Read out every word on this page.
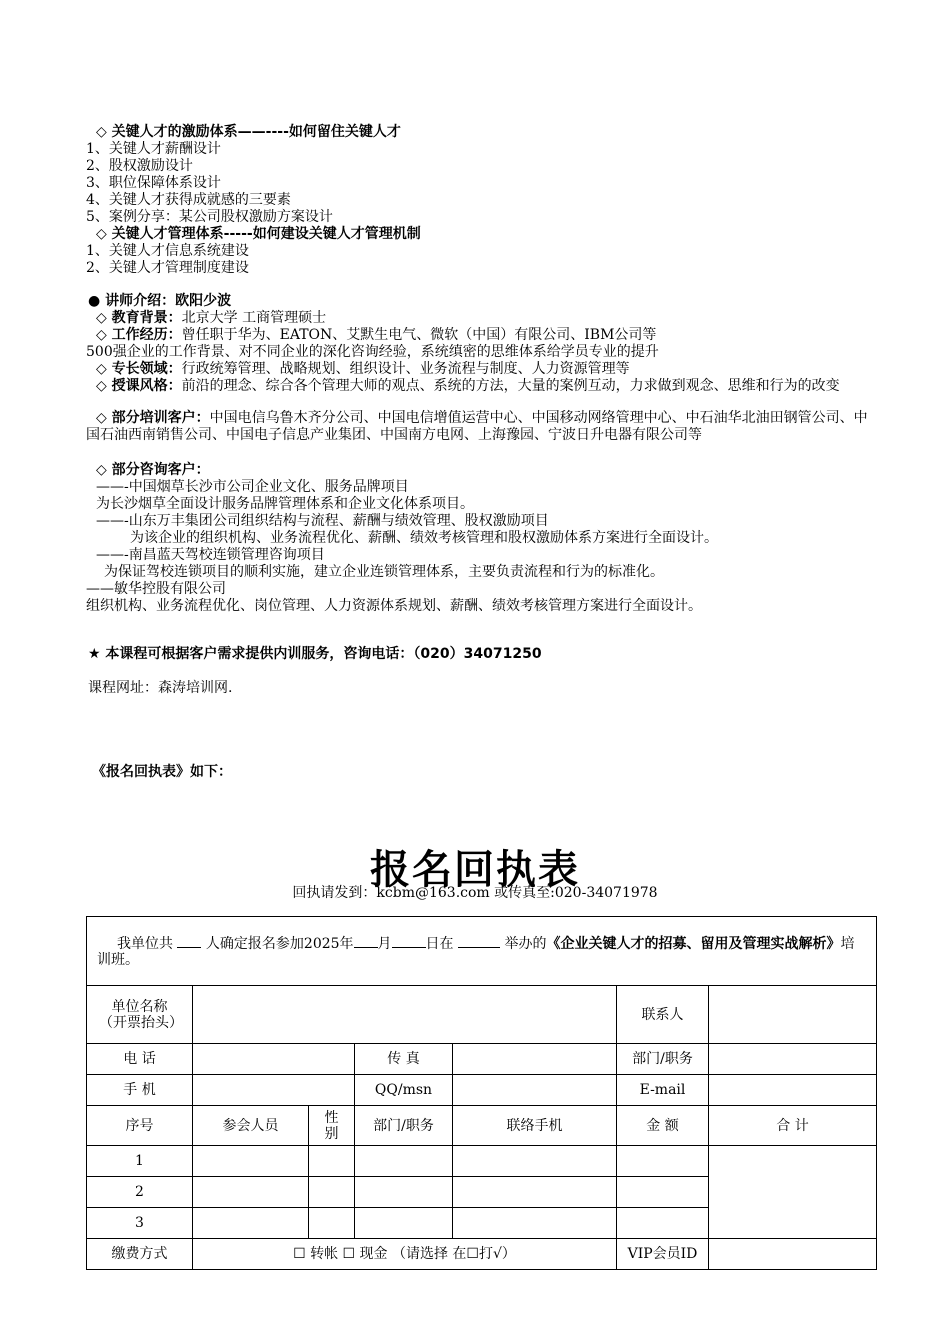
◇ 关键人才的激励体系——----如何留住关键人才
1、关键人才薪酬设计
2、股权激励设计
3、职位保障体系设计
4、关键人才获得成就感的三要素
5、案例分享：某公司股权激励方案设计
◇ 关键人才管理体系-----如何建设关键人才管理机制
1、关键人才信息系统建设
2、关键人才管理制度建设
● 讲师介绍：欧阳少波
◇ 教育背景：北京大学 工商管理硕士
◇ 工作经历：曾任职于华为、EATON、艾默生电气、微软（中国）有限公司、IBM公司等
500强企业的工作背景、对不同企业的深化咨询经验，系统缜密的思维体系给学员专业的提升
◇ 专长领域：行政统筹管理、战略规划、组织设计、业务流程与制度、人力资源管理等
◇ 授课风格：前沿的理念、综合各个管理大师的观点、系统的方法，大量的案例互动，力求做到观念、思维和行为的改变
◇ 部分培训客户：中国电信乌鲁木齐分公司、中国电信增值运营中心、中国移动网络管理中心、中石油华北油田钢管公司、中国石油西南销售公司、中国电子信息产业集团、中国南方电网、上海豫园、宁波日升电器有限公司等
◇ 部分咨询客户：
——-中国烟草长沙市公司企业文化、服务品牌项目
为长沙烟草全面设计服务品牌管理体系和企业文化体系项目。
——-山东万丰集团公司组织结构与流程、薪酬与绩效管理、股权激励项目
为该企业的组织机构、业务流程优化、薪酬、绩效考核管理和股权激励体系方案进行全面设计。
——-南昌蓝天驾校连锁管理咨询项目
为保证驾校连锁项目的顺利实施，建立企业连锁管理体系，主要负责流程和行为的标准化。
——敏华控股有限公司
组织机构、业务流程优化、岗位管理、人力资源体系规划、薪酬、绩效考核管理方案进行全面设计。
★ 本课程可根据客户需求提供内训服务，咨询电话：（020）34071250
课程网址：森涛培训网.
《报名回执表》如下：
报名回执表
回执请发到：kcbm@163.com 或传真至:020-34071978
我单位共 人确定报名参加2025年 月 日在 举办的《企业关键人才的招募、留用及管理实战解析》培训班。						
单位名称（开票抬头）					联系人	
电 话			传 真		部门/职务	
手 机			QQ/msn		E-mail	
序号	参会人员	性别	部门/职务	联络手机	金 额	合 计
1						
2						
3						
缴费方式	☐ 转帐 ☐ 现金 （请选择 在☐打√）				VIP会员ID	
